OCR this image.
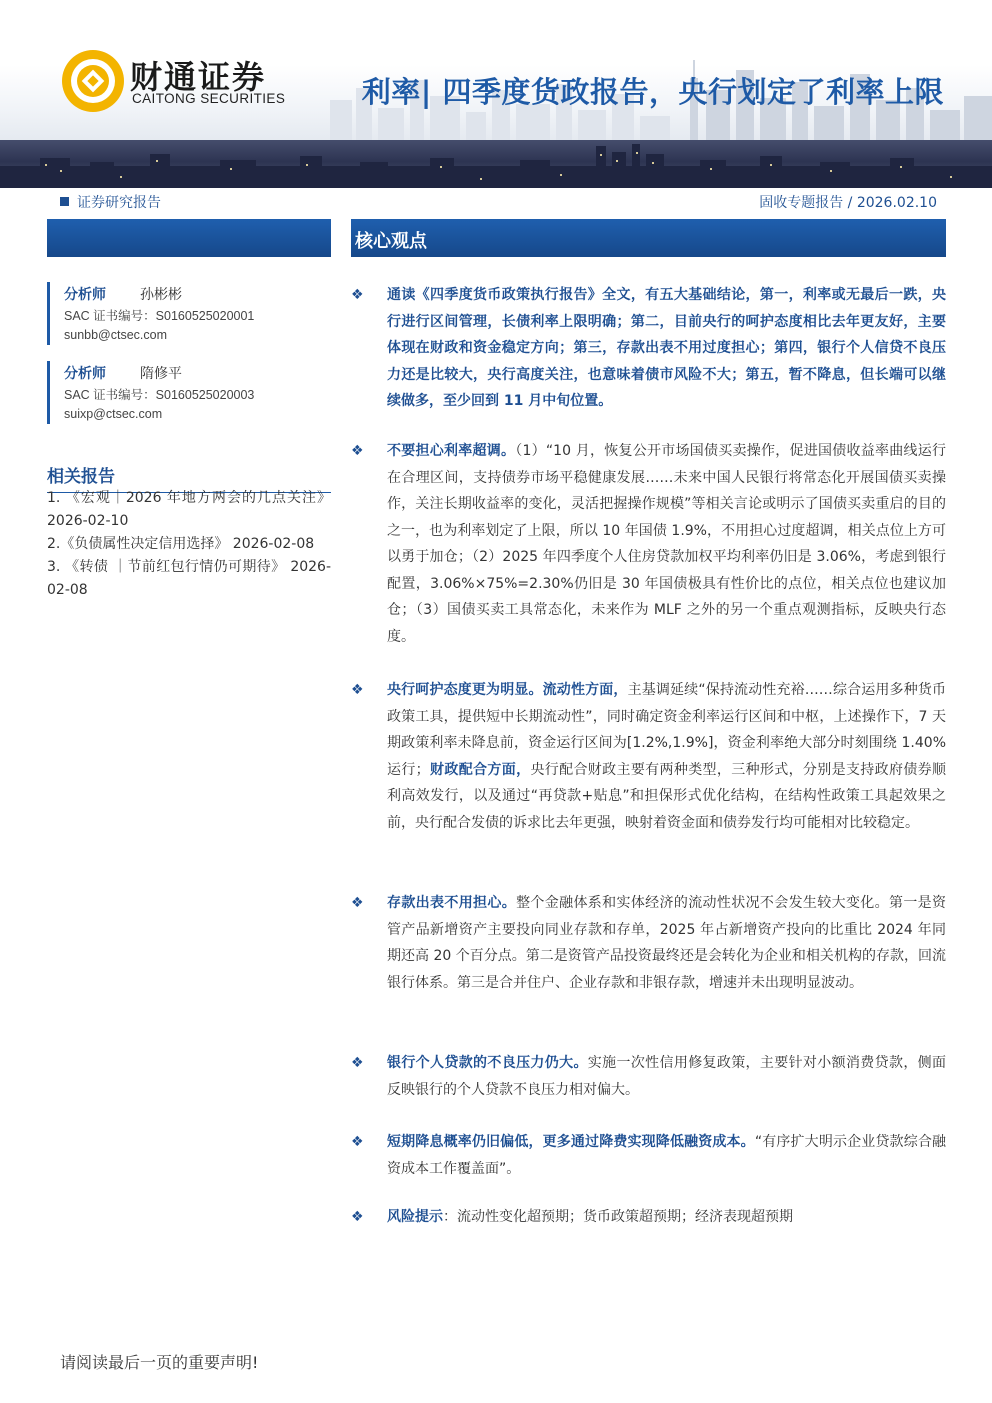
财通证券
CAITONG SECURITIES	利率| 四季度货政报告，央行划定了利率上限
证券研究报告	固收专题报告 / 2026.02.10
分析师 孙彬彬
SAC 证书编号：S0160525020001
sunbb@ctsec.com
分析师 隋修平
SAC 证书编号：S0160525020003
suixp@ctsec.com
相关报告
1. 《宏观｜2026 年地方两会的几点关注》 2026-02-10
2.《负债属性决定信用选择》 2026-02-08
3. 《转债 ｜节前红包行情仍可期待》 2026-02-08
核心观点
❖ 通读《四季度货币政策执行报告》全文，有五大基础结论，第一，利率或无最后一跌，央行进行区间管理，长债利率上限明确；第二，目前央行的呵护态度相比去年更友好，主要体现在财政和资金稳定方向；第三，存款出表不用过度担心；第四，银行个人信贷不良压力还是比较大，央行高度关注，也意味着债市风险不大；第五，暂不降息，但长端可以继续做多，至少回到 11 月中旬位置。
❖ 不要担心利率超调。（1）“10 月，恢复公开市场国债买卖操作，促进国债收益率曲线运行在合理区间，支持债券市场平稳健康发展……未来中国人民银行将常态化开展国债买卖操作，关注长期收益率的变化，灵活把握操作规模”等相关言论或明示了国债买卖重启的目的之一，也为利率划定了上限，所以 10 年国债 1.9%，不用担心过度超调，相关点位上方可以勇于加仓；（2）2025 年四季度个人住房贷款加权平均利率仍旧是 3.06%，考虑到银行配置，3.06%×75%=2.30%仍旧是 30 年国债极具有性价比的点位，相关点位也建议加仓；（3）国债买卖工具常态化，未来作为 MLF 之外的另一个重点观测指标，反映央行态度。
❖ 央行呵护态度更为明显。流动性方面，主基调延续“保持流动性充裕……综合运用多种货币政策工具，提供短中长期流动性”，同时确定资金利率运行区间和中枢，上述操作下，7 天期政策利率未降息前，资金运行区间为[1.2%,1.9%]，资金利率绝大部分时刻围绕 1.40%运行；财政配合方面，央行配合财政主要有两种类型，三种形式，分别是支持政府债券顺利高效发行，以及通过“再贷款+贴息”和担保形式优化结构，在结构性政策工具起效果之前，央行配合发债的诉求比去年更强，映射着资金面和债券发行均可能相对比较稳定。
❖ 存款出表不用担心。整个金融体系和实体经济的流动性状况不会发生较大变化。第一是资管产品新增资产主要投向同业存款和存单，2025 年占新增资产投向的比重比 2024 年同期还高 20 个百分点。第二是资管产品投资最终还是会转化为企业和相关机构的存款，回流银行体系。第三是合并住户、企业存款和非银存款，增速并未出现明显波动。
❖ 银行个人贷款的不良压力仍大。实施一次性信用修复政策，主要针对小额消费贷款，侧面反映银行的个人贷款不良压力相对偏大。
❖ 短期降息概率仍旧偏低，更多通过降费实现降低融资成本。“有序扩大明示企业贷款综合融资成本工作覆盖面”。
❖ 风险提示：流动性变化超预期；货币政策超预期；经济表现超预期
请阅读最后一页的重要声明!
